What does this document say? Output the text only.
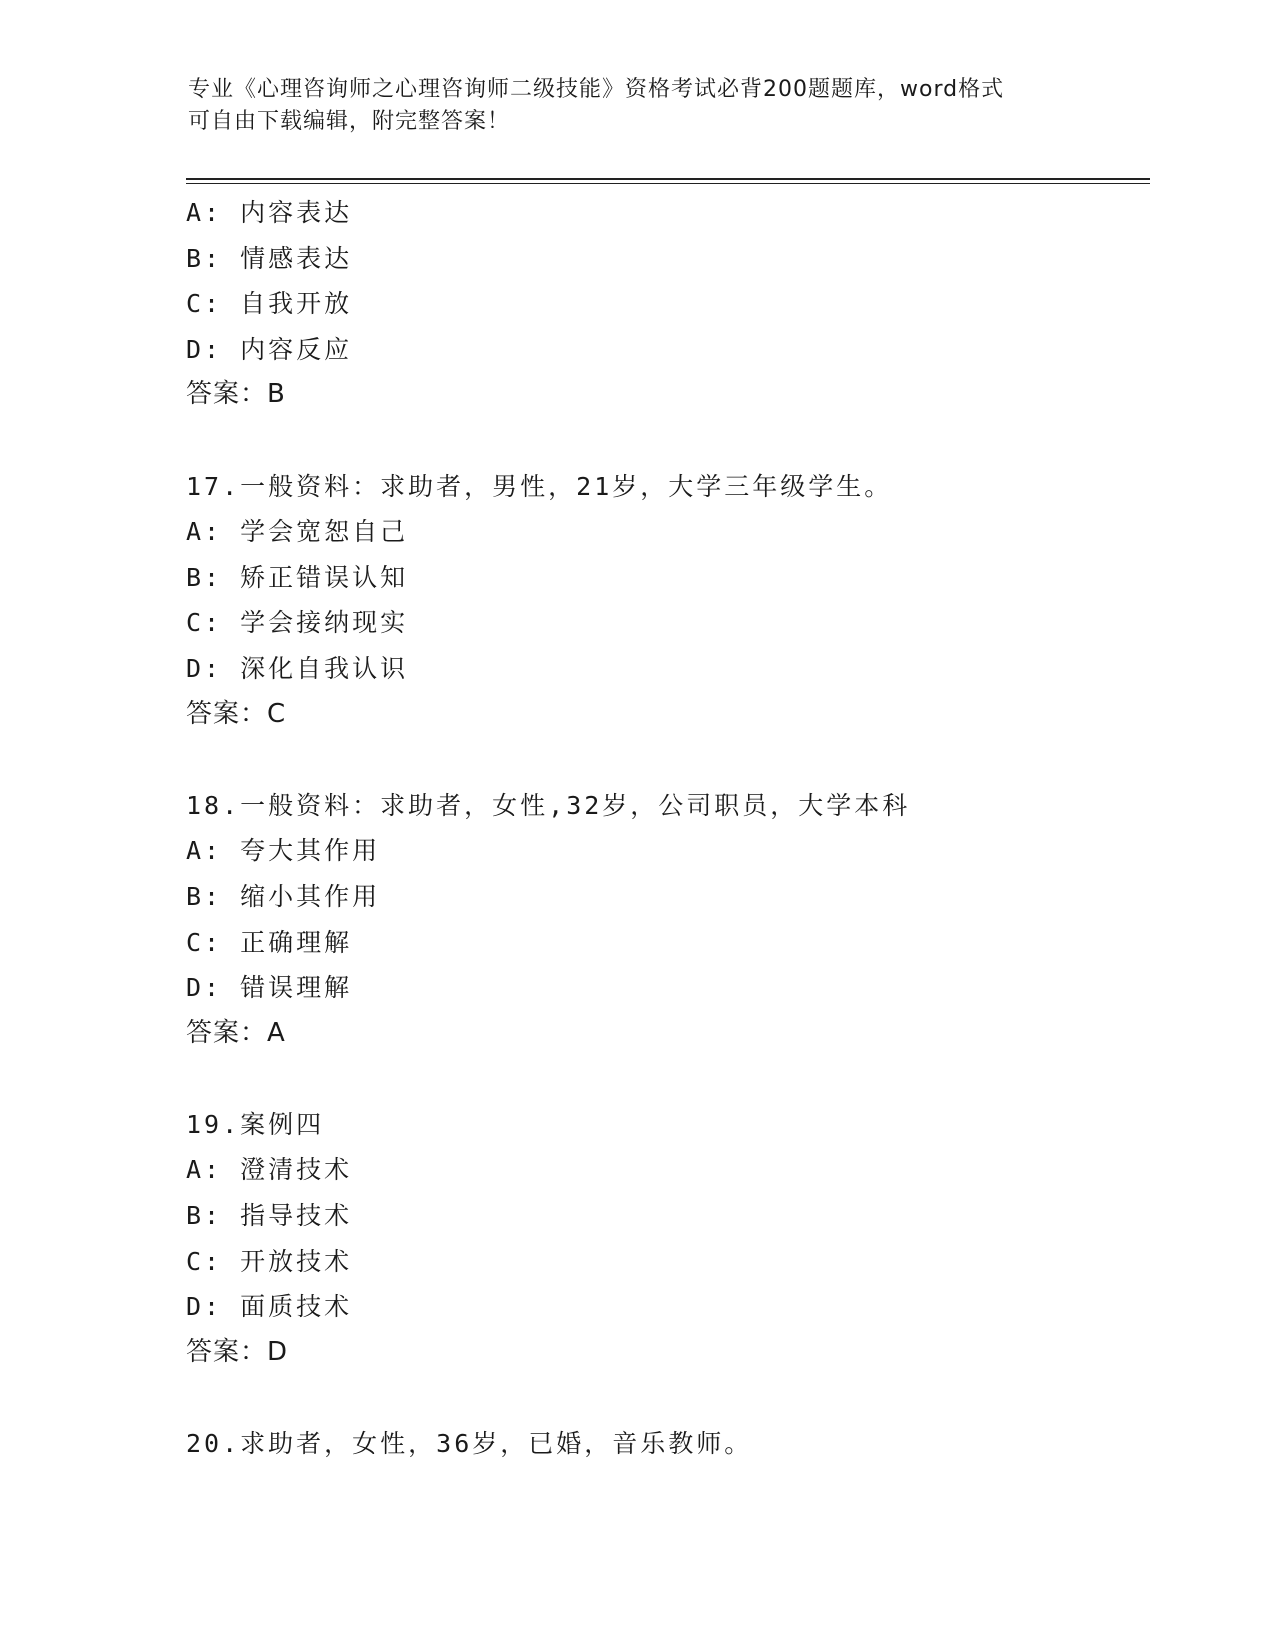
专业《心理咨询师之心理咨询师二级技能》资格考试必背200题题库，word格式
可自由下载编辑，附完整答案！
A: 内容表达
B: 情感表达
C: 自我开放
D: 内容反应
答案：B
17.一般资料：求助者，男性，21岁，大学三年级学生。
A: 学会宽恕自己
B: 矫正错误认知
C: 学会接纳现实
D: 深化自我认识
答案：C
18.一般资料：求助者，女性,32岁，公司职员，大学本科
A: 夸大其作用
B: 缩小其作用
C: 正确理解
D: 错误理解
答案：A
19.案例四
A: 澄清技术
B: 指导技术
C: 开放技术
D: 面质技术
答案：D
20.求助者，女性，36岁，已婚，音乐教师。
